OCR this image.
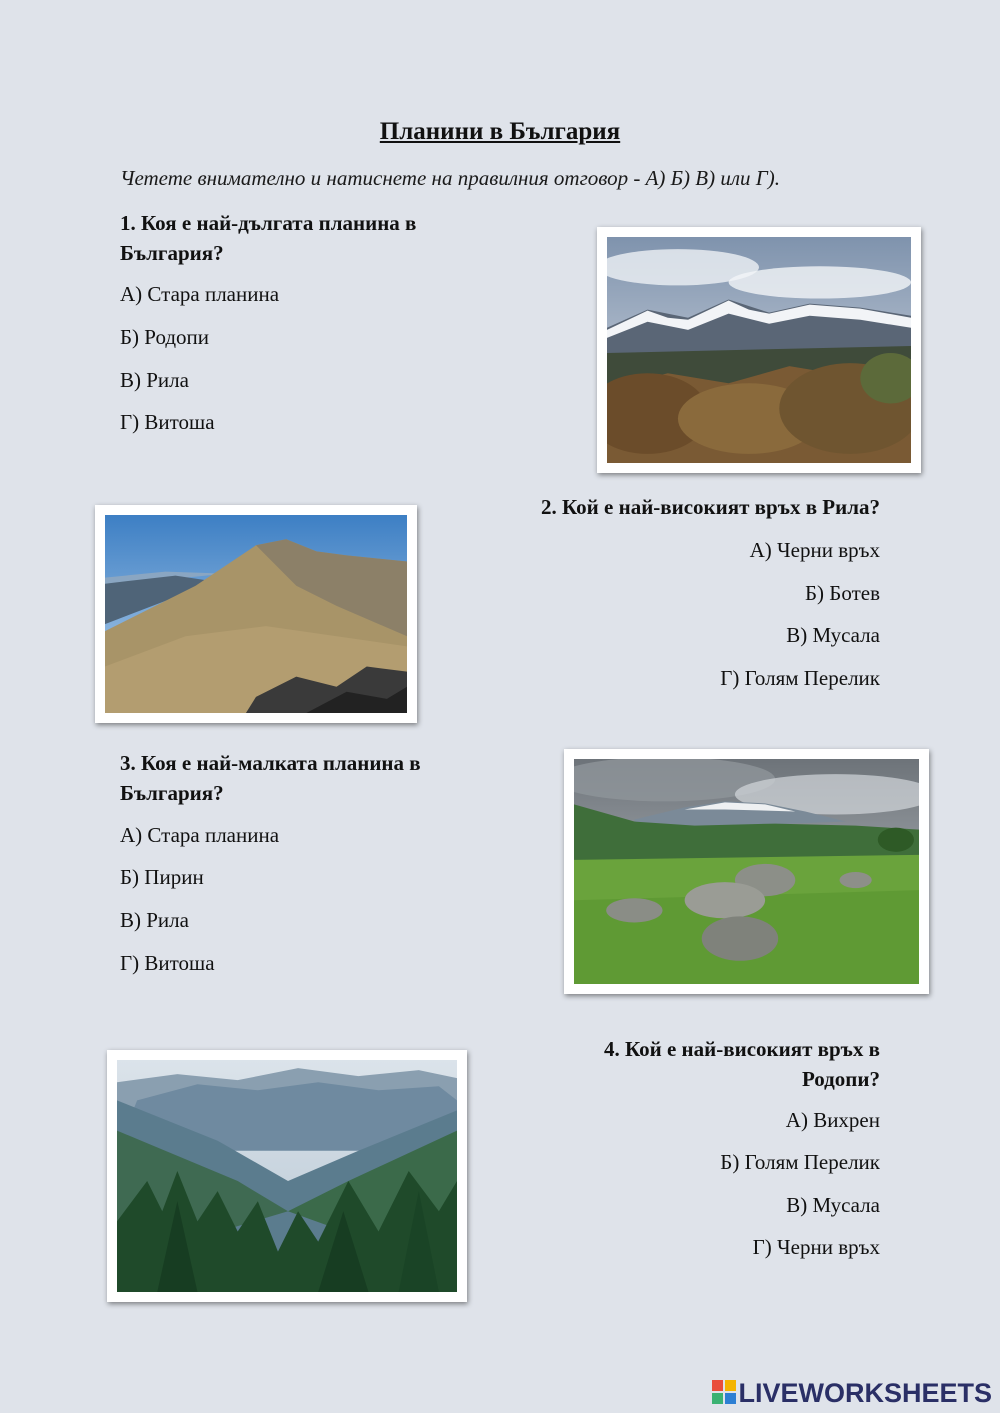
Планини в България
Четете внимателно и натиснете на правилния отговор - А) Б) В) или Г).
1. Коя е най-дългата планина в
България?
А) Стара планина
Б) Родопи
В) Рила
Г) Витоша
2. Кой е най-високият връх в Рила?
А) Черни връх
Б) Ботев
В) Мусала
Г) Голям Перелик
3. Коя е най-малката планина в
България?
А) Стара планина
Б) Пирин
В) Рила
Г) Витоша
4. Кой е най-високият връх в
Родопи?
А) Вихрен
Б) Голям Перелик
В) Мусала
Г) Черни връх
LIVEWORKSHEETS
